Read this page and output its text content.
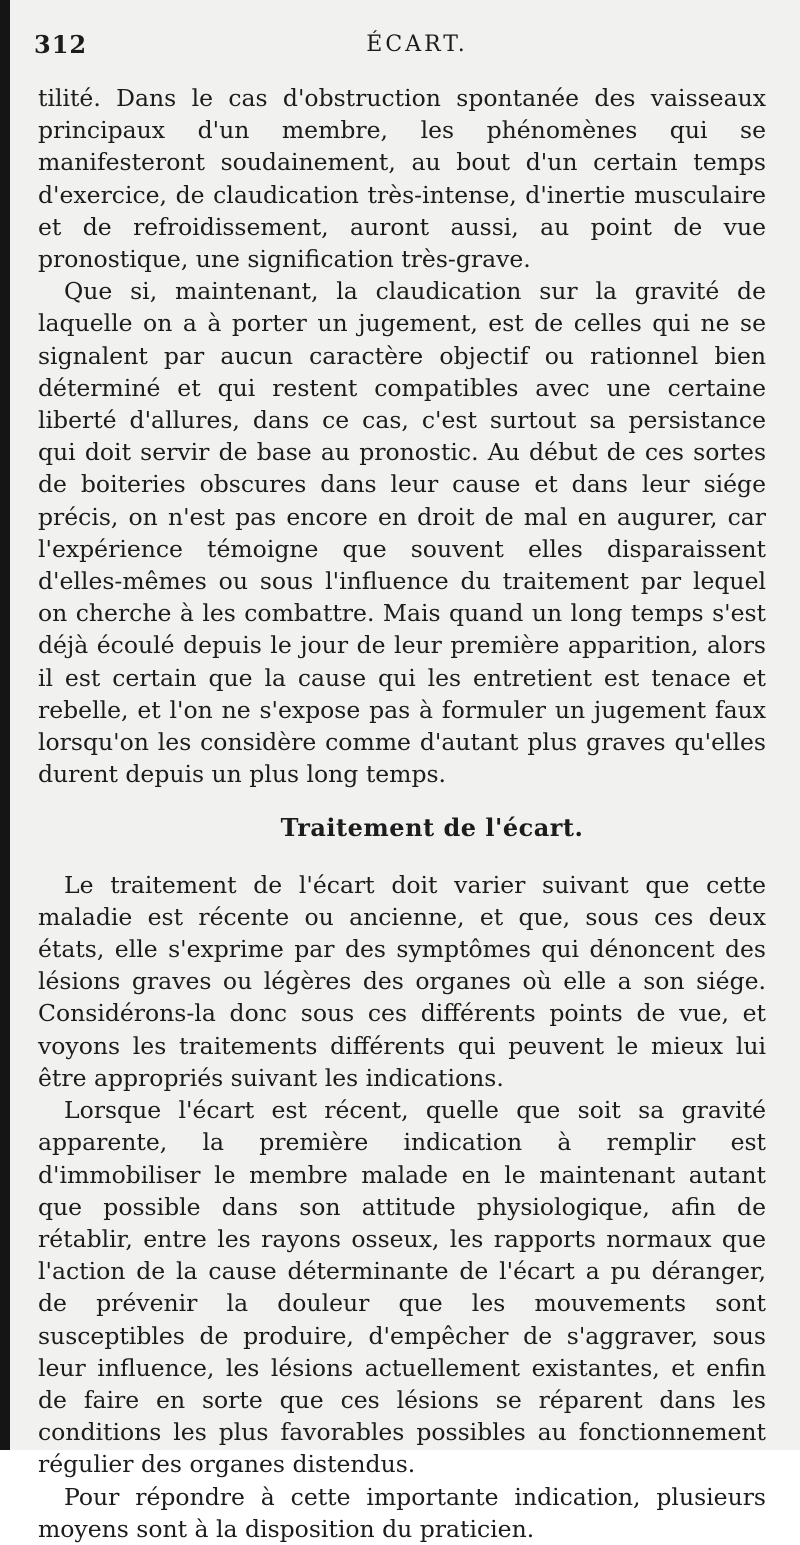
312	ÉCART.

tilité. Dans le cas d'obstruction spontanée des vaisseaux principaux d'un membre, les phénomènes qui se manifesteront soudainement, au bout d'un certain temps d'exercice, de claudication très-intense, d'inertie musculaire et de refroidissement, auront aussi, au point de vue pronostique, une signification très-grave.

Que si, maintenant, la claudication sur la gravité de laquelle on a à porter un jugement, est de celles qui ne se signalent par aucun caractère objectif ou rationnel bien déterminé et qui restent compatibles avec une certaine liberté d'allures, dans ce cas, c'est surtout sa persistance qui doit servir de base au pronostic. Au début de ces sortes de boiteries obscures dans leur cause et dans leur siége précis, on n'est pas encore en droit de mal en augurer, car l'expérience témoigne que souvent elles disparaissent d'elles-mêmes ou sous l'influence du traitement par lequel on cherche à les combattre. Mais quand un long temps s'est déjà écoulé depuis le jour de leur première apparition, alors il est certain que la cause qui les entretient est tenace et rebelle, et l'on ne s'expose pas à formuler un jugement faux lorsqu'on les considère comme d'autant plus graves qu'elles durent depuis un plus long temps.

Traitement de l'écart.

Le traitement de l'écart doit varier suivant que cette maladie est récente ou ancienne, et que, sous ces deux états, elle s'exprime par des symptômes qui dénoncent des lésions graves ou légères des organes où elle a son siége. Considérons-la donc sous ces différents points de vue, et voyons les traitements différents qui peuvent le mieux lui être appropriés suivant les indications.

Lorsque l'écart est récent, quelle que soit sa gravité apparente, la première indication à remplir est d'immobiliser le membre malade en le maintenant autant que possible dans son attitude physiologique, afin de rétablir, entre les rayons osseux, les rapports normaux que l'action de la cause déterminante de l'écart a pu déranger, de prévenir la douleur que les mouvements sont susceptibles de produire, d'empêcher de s'aggraver, sous leur influence, les lésions actuellement existantes, et enfin de faire en sorte que ces lésions se réparent dans les conditions les plus favorables possibles au fonctionnement régulier des organes distendus.

Pour répondre à cette importante indication, plusieurs moyens sont à la disposition du praticien.
